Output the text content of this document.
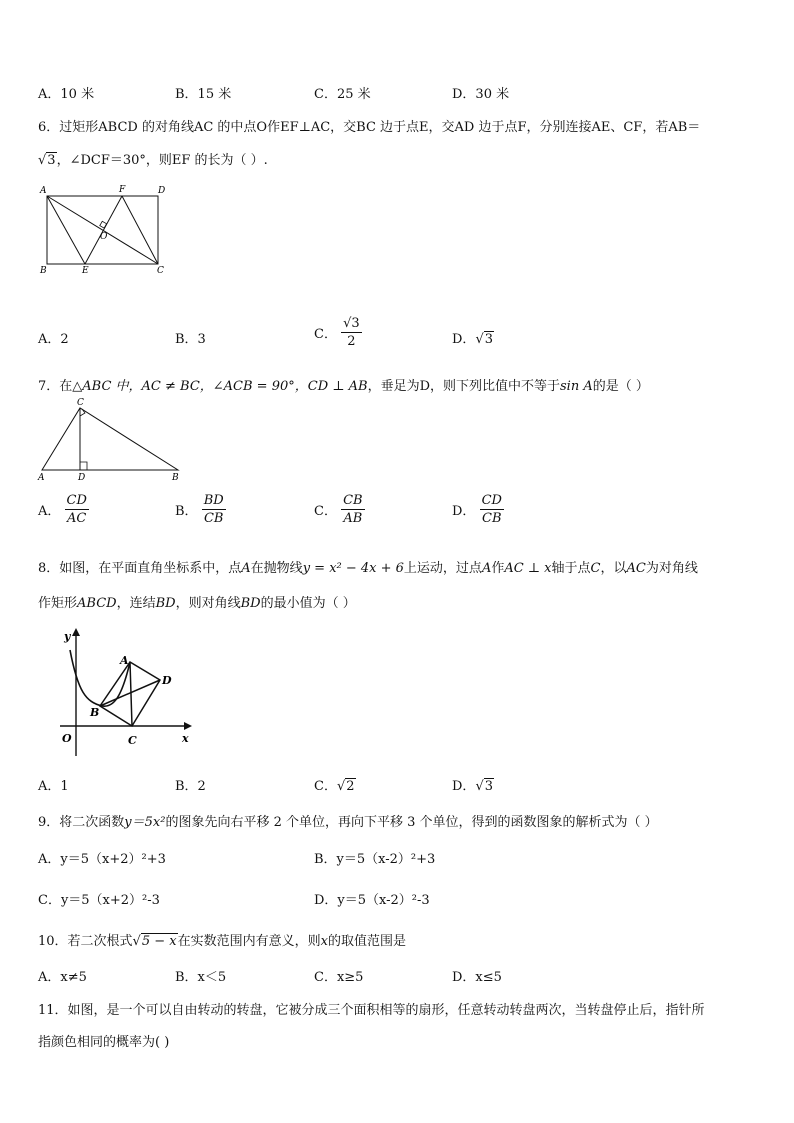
A．10 米	B．15 米	C．25 米	D．30 米
6．过矩形ABCD 的对角线AC 的中点O作EF⊥AC，交BC 边于点E，交AD 边于点F，分别连接AE、CF，若AB＝
√3，∠DCF＝30°，则EF 的长为（ ）.
A	F	D
O
B	E	C
A．2	B．3	C． $\frac{√3}{2}$	D．√3
7．在△ABC 中，AC ≠ BC，∠ACB = 90°，CD ⊥ AB，垂足为D，则下列比值中不等于sin A的是（ ）
C
A	D	B
A． $\frac{CD}{AC}$	B． $\frac{BD}{CB}$	C． $\frac{CB}{AB}$	D． $\frac{CD}{CB}$
8．如图，在平面直角坐标系中，点A在抛物线y = x² − 4x + 6上运动，过点A作AC ⊥ x轴于点C，以AC为对角线
作矩形ABCD，连结BD，则对角线BD的最小值为（ ）
y
x
O
A
B
C
D
A．1	B．2	C．√2	D．√3
9．将二次函数y＝5x²的图象先向右平移 2 个单位，再向下平移 3 个单位，得到的函数图象的解析式为（ ）
A．y＝5（x+2）²+3	B．y＝5（x-2）²+3
C．y＝5（x+2）²-3	D．y＝5（x-2）²-3
10．若二次根式√5 − x在实数范围内有意义，则x的取值范围是
A．x≠5	B．x＜5	C．x≥5	D．x≤5
11．如图，是一个可以自由转动的转盘，它被分成三个面积相等的扇形，任意转动转盘两次，当转盘停止后，指针所
指颜色相同的概率为( )
